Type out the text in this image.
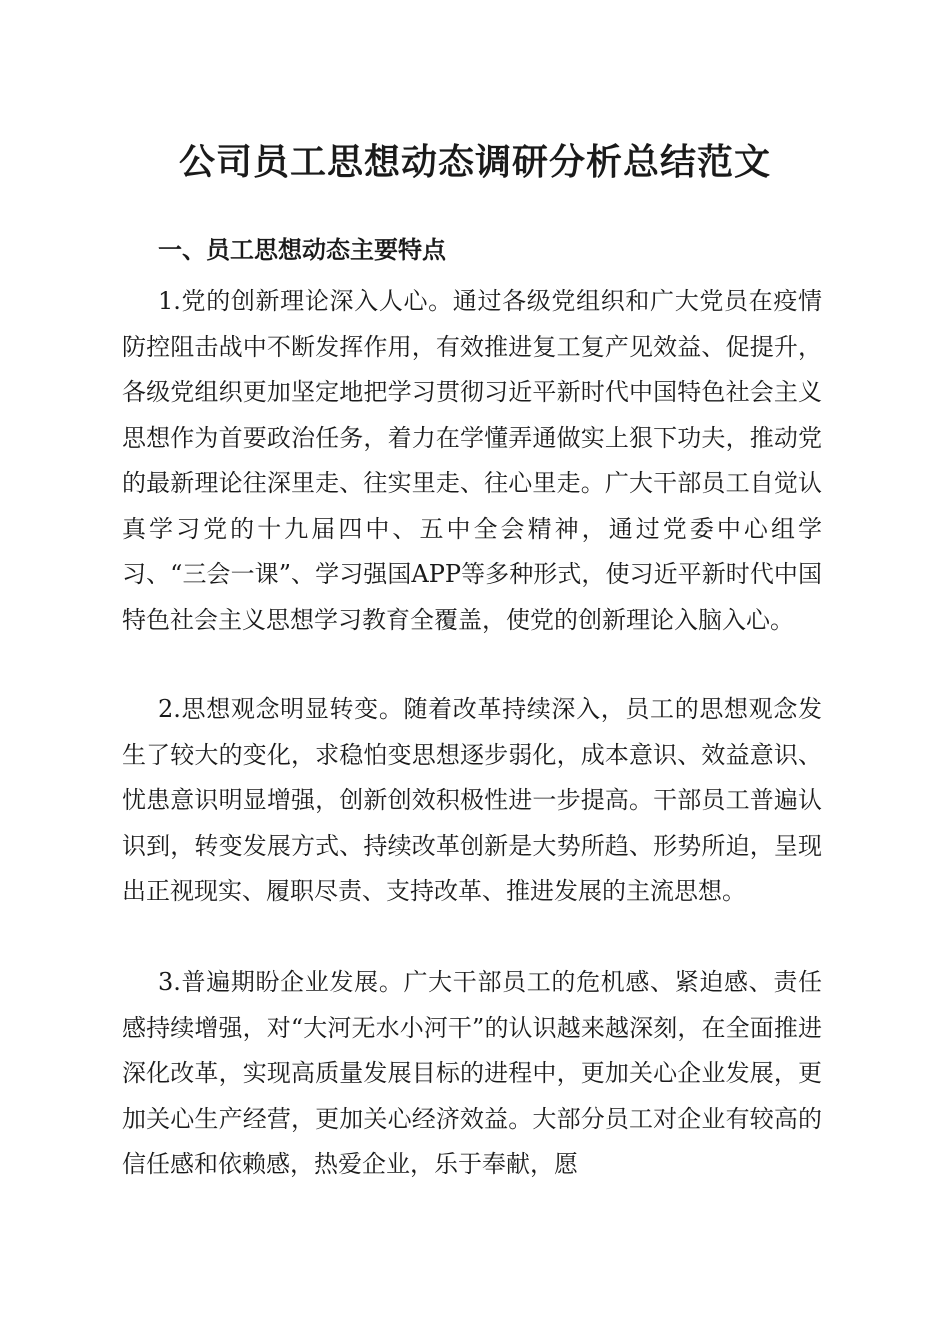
公司员工思想动态调研分析总结范文
一、员工思想动态主要特点

1.党的创新理论深入人心。通过各级党组织和广大党员在疫情防控阻击战中不断发挥作用，有效推进复工复产见效益、促提升，各级党组织更加坚定地把学习贯彻习近平新时代中国特色社会主义思想作为首要政治任务，着力在学懂弄通做实上狠下功夫，推动党的最新理论往深里走、往实里走、往心里走。广大干部员工自觉认真学习党的十九届四中、五中全会精神，通过党委中心组学习、“三会一课”、学习强国APP等多种形式，使习近平新时代中国特色社会主义思想学习教育全覆盖，使党的创新理论入脑入心。

2.思想观念明显转变。随着改革持续深入，员工的思想观念发生了较大的变化，求稳怕变思想逐步弱化，成本意识、效益意识、忧患意识明显增强，创新创效积极性进一步提高。干部员工普遍认识到，转变发展方式、持续改革创新是大势所趋、形势所迫，呈现出正视现实、履职尽责、支持改革、推进发展的主流思想。

3.普遍期盼企业发展。广大干部员工的危机感、紧迫感、责任感持续增强，对“大河无水小河干”的认识越来越深刻，在全面推进深化改革，实现高质量发展目标的进程中，更加关心企业发展，更加关心生产经营，更加关心经济效益。大部分员工对企业有较高的信任感和依赖感，热爱企业，乐于奉献，愿
